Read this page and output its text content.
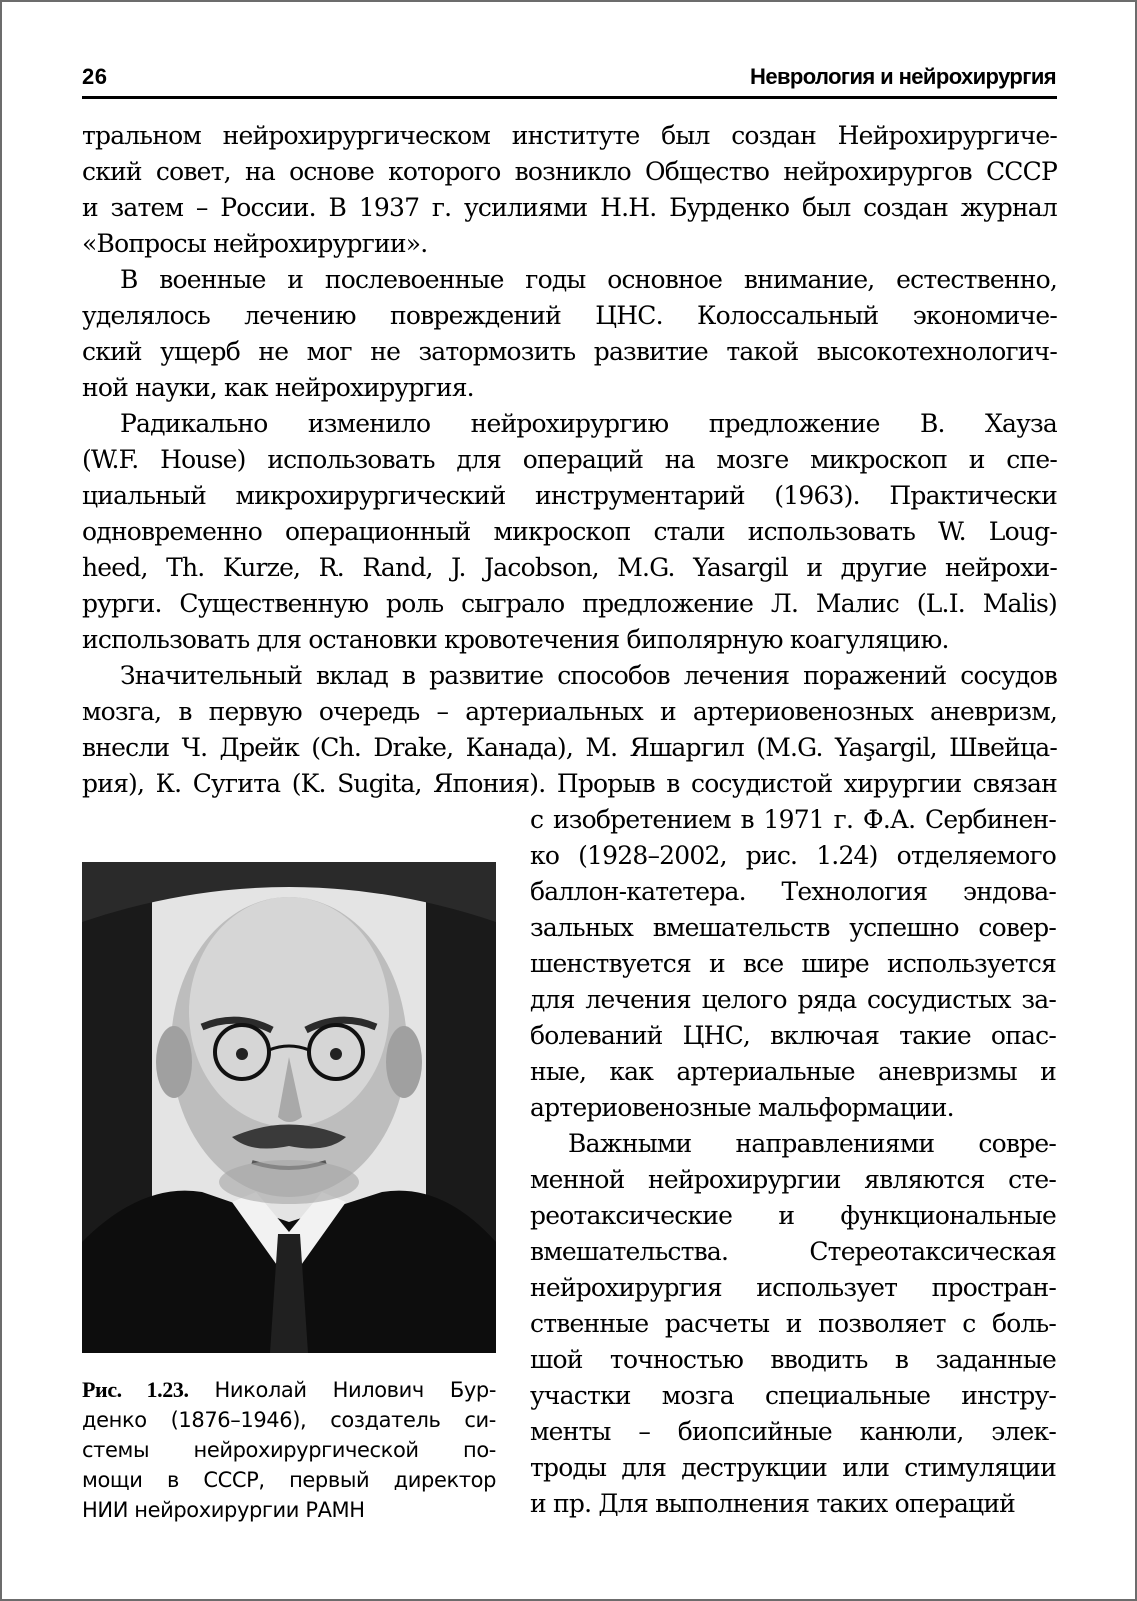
26	Неврология и нейрохирургия
тральном нейрохирургическом институте был создан Нейрохирургиче-
ский совет, на основе которого возникло Общество нейрохирургов СССР
и затем – России. В 1937 г. усилиями Н.Н. Бурденко был создан журнал
«Вопросы нейрохирургии».
В военные и послевоенные годы основное внимание, естественно,
уделялось лечению повреждений ЦНС. Колоссальный экономиче-
ский ущерб не мог не затормозить развитие такой высокотехнологич-
ной науки, как нейрохирургия.
Радикально изменило нейрохирургию предложение В. Хауза
(W.F. House) использовать для операций на мозге микроскоп и спе-
циальный микрохирургический инструментарий (1963). Практически
одновременно операционный микроскоп стали использовать W. Loug-
heed, Th. Kurze, R. Rand, J. Jacobson, M.G. Yasargil и другие нейрохи-
рурги. Существенную роль сыграло предложение Л. Малис (L.I. Malis)
использовать для остановки кровотечения биполярную коагуляцию.
Значительный вклад в развитие способов лечения поражений сосудов
мозга, в первую очередь – артериальных и артериовенозных аневризм,
внесли Ч. Дрейк (Ch. Drake, Канада), М. Яшаргил (M.G. Yaşargil, Швейца-
рия), К. Сугита (K. Sugita, Япония). Прорыв в сосудистой хирургии связан
с изобретением в 1971 г. Ф.А. Сербинен-
ко (1928–2002, рис. 1.24) отделяемого
баллон-катетера. Технология эндова-
зальных вмешательств успешно совер-
шенствуется и все шире используется
для лечения целого ряда сосудистых за-
болеваний ЦНС, включая такие опас-
ные, как артериальные аневризмы и
артериовенозные мальформации.
Важными направлениями совре-
менной нейрохирургии являются сте-
реотаксические и функциональные
вмешательства. Стереотаксическая
нейрохирургия использует простран-
ственные расчеты и позволяет с боль-
шой точностью вводить в заданные
участки мозга специальные инстру-
менты – биопсийные канюли, элек-
троды для деструкции или стимуляции
и пр. Для выполнения таких операций
Рис. 1.23. Николай Нилович Бур-
денко (1876–1946), создатель си-
стемы нейрохирургической по-
мощи в СССР, первый директор
НИИ нейрохирургии РАМН
